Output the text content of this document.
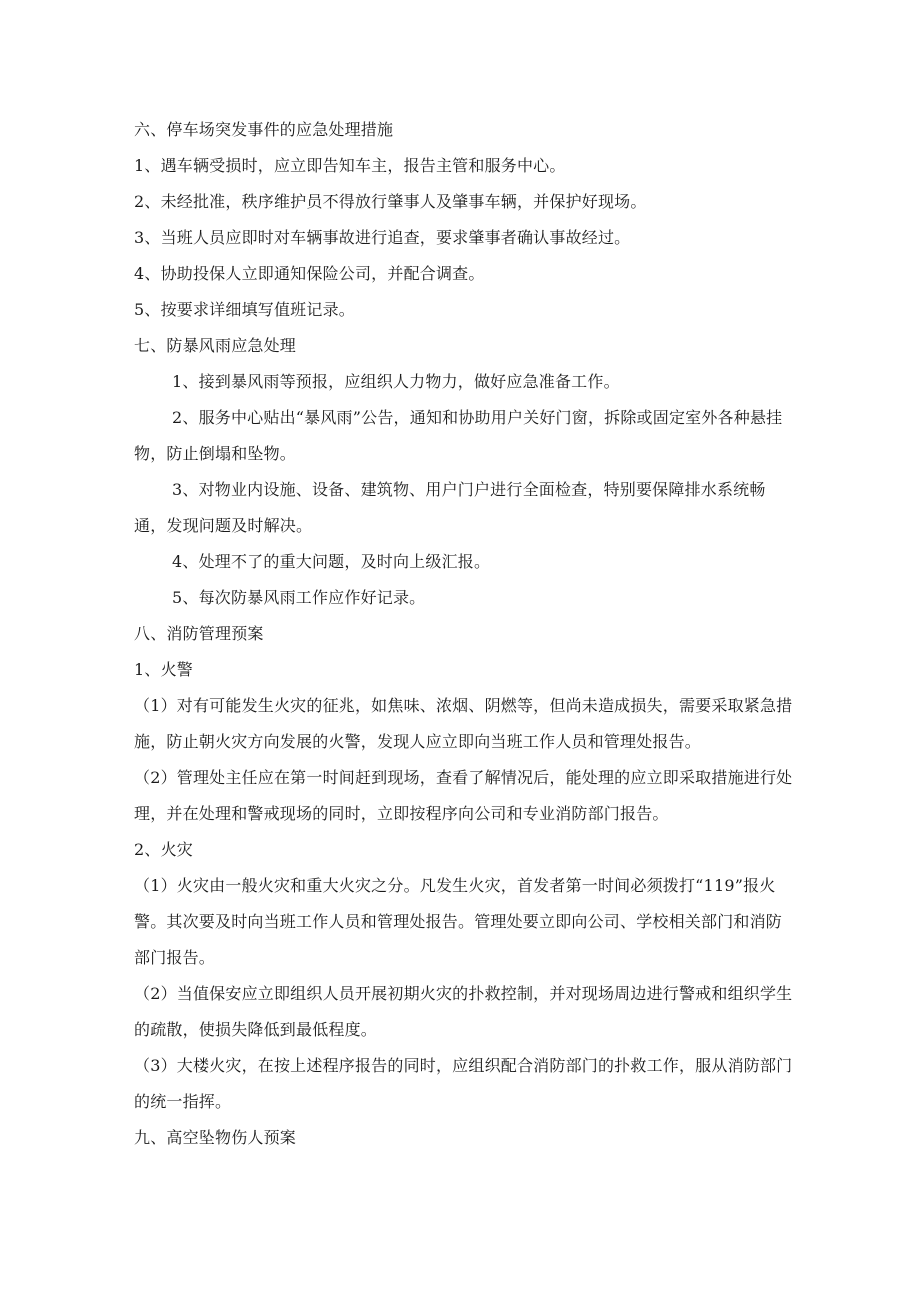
六、停车场突发事件的应急处理措施
1、遇车辆受损时，应立即告知车主，报告主管和服务中心。
2、未经批准，秩序维护员不得放行肇事人及肇事车辆，并保护好现场。
3、当班人员应即时对车辆事故进行追查，要求肇事者确认事故经过。
4、协助投保人立即通知保险公司，并配合调查。
5、按要求详细填写值班记录。
七、防暴风雨应急处理
1、接到暴风雨等预报，应组织人力物力，做好应急准备工作。
2、服务中心贴出“暴风雨”公告，通知和协助用户关好门窗，拆除或固定室外各种悬挂物，防止倒塌和坠物。
3、对物业内设施、设备、建筑物、用户门户进行全面检查，特别要保障排水系统畅通，发现问题及时解决。
4、处理不了的重大问题，及时向上级汇报。
5、每次防暴风雨工作应作好记录。
八、消防管理预案
1、火警
（1）对有可能发生火灾的征兆，如焦味、浓烟、阴燃等，但尚未造成损失，需要采取紧急措施，防止朝火灾方向发展的火警，发现人应立即向当班工作人员和管理处报告。
（2）管理处主任应在第一时间赶到现场，查看了解情况后，能处理的应立即采取措施进行处理，并在处理和警戒现场的同时，立即按程序向公司和专业消防部门报告。
2、火灾
（1）火灾由一般火灾和重大火灾之分。凡发生火灾，首发者第一时间必须拨打“119”报火警。其次要及时向当班工作人员和管理处报告。管理处要立即向公司、学校相关部门和消防部门报告。
（2）当值保安应立即组织人员开展初期火灾的扑救控制，并对现场周边进行警戒和组织学生的疏散，使损失降低到最低程度。
（3）大楼火灾，在按上述程序报告的同时，应组织配合消防部门的扑救工作，服从消防部门的统一指挥。
九、高空坠物伤人预案
